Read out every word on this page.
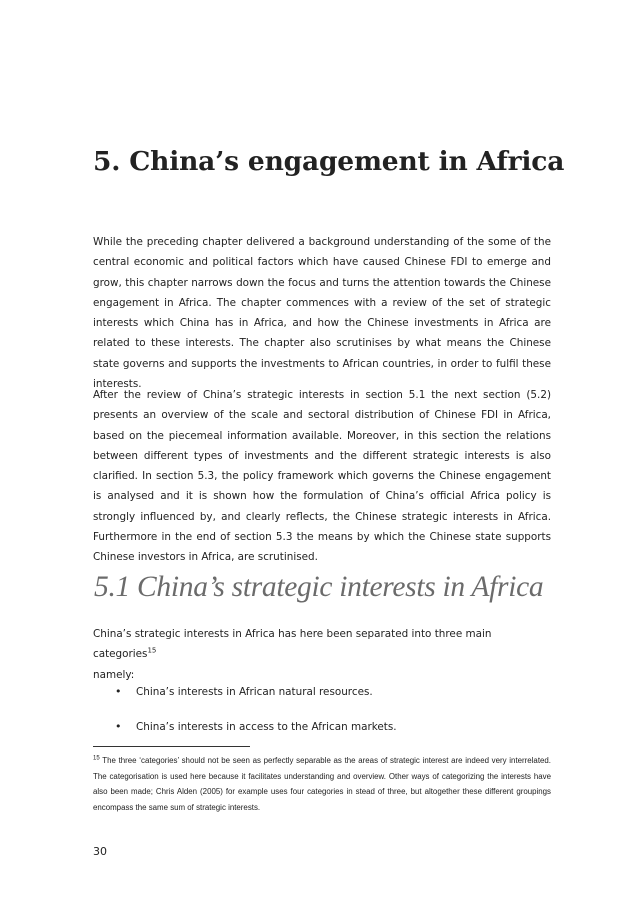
5. China’s engagement in Africa

While the preceding chapter delivered a background understanding of the some of the central economic and political factors which have caused Chinese FDI to emerge and grow, this chapter narrows down the focus and turns the attention towards the Chinese engagement in Africa. The chapter commences with a review of the set of strategic interests which China has in Africa, and how the Chinese investments in Africa are related to these interests. The chapter also scrutinises by what means the Chinese state governs and supports the investments to African countries, in order to fulfil these interests.

After the review of China’s strategic interests in section 5.1 the next section (5.2) presents an overview of the scale and sectoral distribution of Chinese FDI in Africa, based on the piecemeal information available. Moreover, in this section the relations between different types of investments and the different strategic interests is also clarified. In section 5.3, the policy framework which governs the Chinese engagement is analysed and it is shown how the formulation of China’s official Africa policy is strongly influenced by, and clearly reflects, the Chinese strategic interests in Africa. Furthermore in the end of section 5.3 the means by which the Chinese state supports Chinese investors in Africa, are scrutinised.

5.1 China’s strategic interests in Africa

China’s strategic interests in Africa has here been separated into three main categories$^{15}$
namely:

• China’s interests in African natural resources.
• China’s interests in access to the African markets.

$^{15}$ The three ‘categories’ should not be seen as perfectly separable as the areas of strategic interest are indeed very interrelated. The categorisation is used here because it facilitates understanding and overview. Other ways of categorizing the interests have also been made; Chris Alden (2005) for example uses four categories in stead of three, but altogether these different groupings encompass the same sum of strategic interests.

30
